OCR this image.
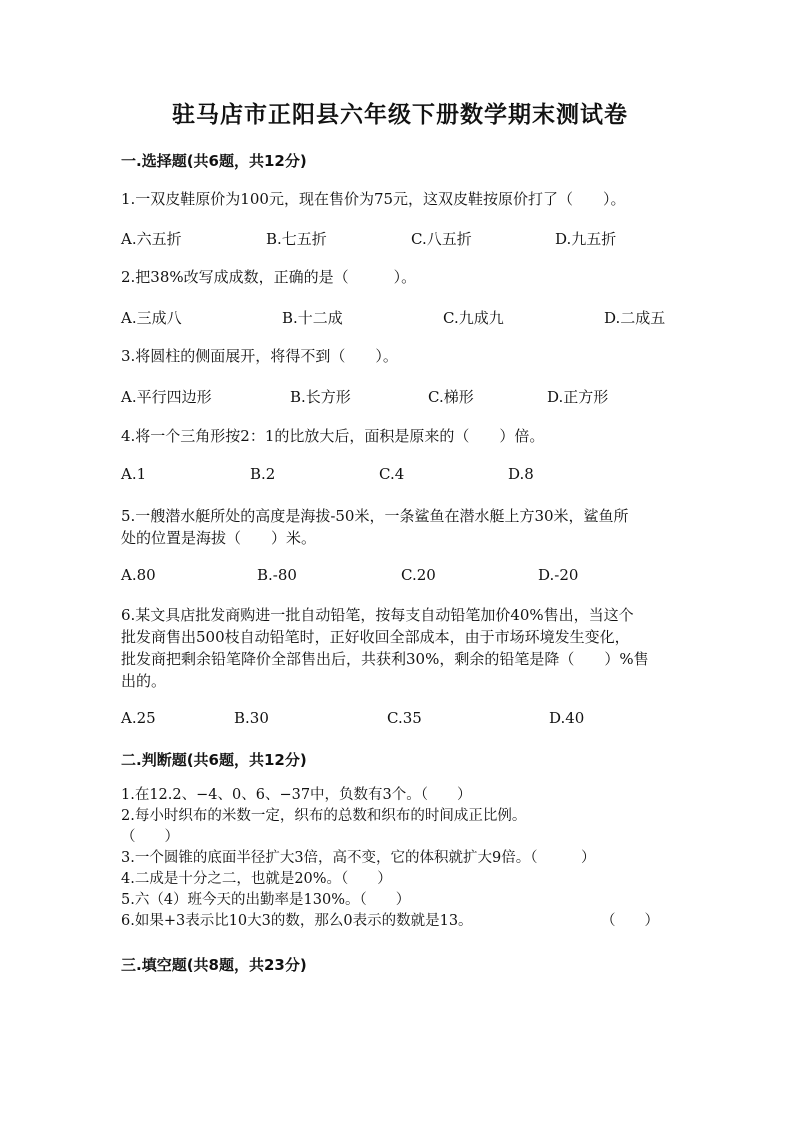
驻马店市正阳县六年级下册数学期末测试卷
一.选择题(共6题，共12分)
1.一双皮鞋原价为100元，现在售价为75元，这双皮鞋按原价打了（　　）。
A.六五折	B.七五折	C.八五折	D.九五折
2.把38%改写成成数，正确的是（　　　）。
A.三成八	B.十二成	C.九成九	D.二成五
3.将圆柱的侧面展开，将得不到（　　）。
A.平行四边形	B.长方形	C.梯形	D.正方形
4.将一个三角形按2：1的比放大后，面积是原来的（　　）倍。
A.1	B.2	C.4	D.8
5.一艘潜水艇所处的高度是海拔-50米，一条鲨鱼在潜水艇上方30米，鲨鱼所
处的位置是海拔（　　）米。
A.80	B.-80	C.20	D.-20
6.某文具店批发商购进一批自动铅笔，按每支自动铅笔加价40%售出，当这个
批发商售出500枝自动铅笔时，正好收回全部成本，由于市场环境发生变化，
批发商把剩余铅笔降价全部售出后，共获利30%，剩余的铅笔是降（　　）%售
出的。
A.25	B.30	C.35	D.40
二.判断题(共6题，共12分)
1.在12.2、−4、0、6、−37中，负数有3个。（　　）
2.每小时织布的米数一定，织布的总数和织布的时间成正比例。
（　　）
3.一个圆锥的底面半径扩大3倍，高不变，它的体积就扩大9倍。（　　　）
4.二成是十分之二，也就是20%。（　　）
5.六（4）班今天的出勤率是130%。（　　）
6.如果+3表示比10大3的数，那么0表示的数就是13。	（　　）
三.填空题(共8题，共23分)
